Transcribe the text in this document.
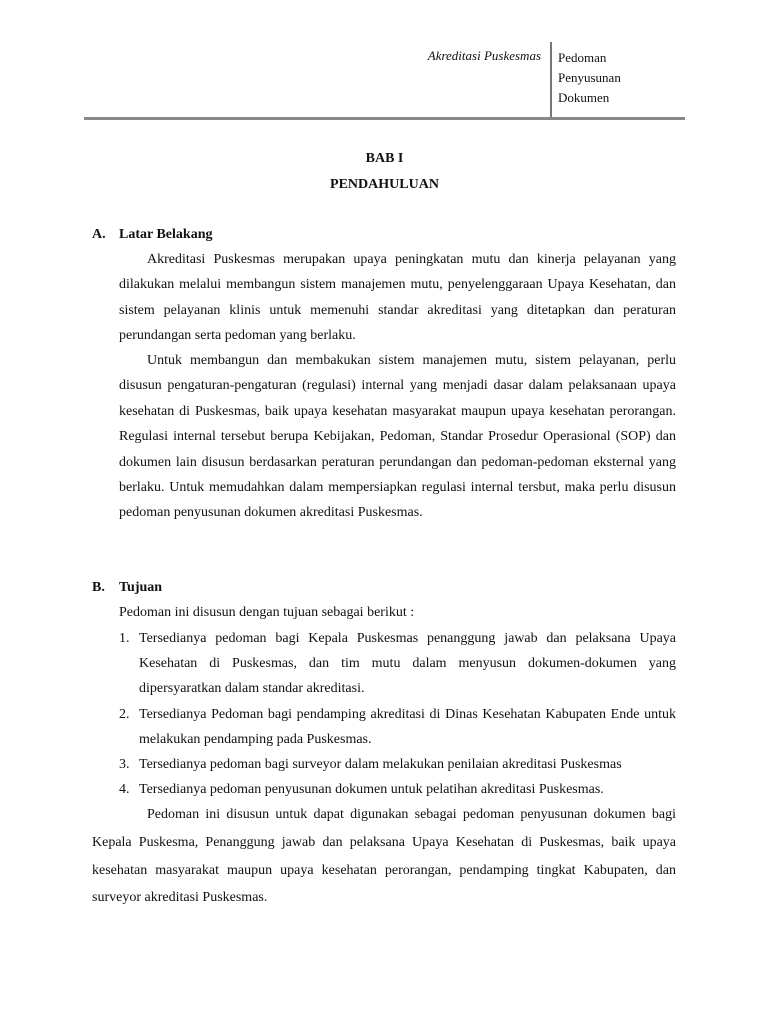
Akreditasi Puskesmas Pedoman
Penyusunan
Dokumen
BAB I
PENDAHULUAN
A. Latar Belakang

Akreditasi Puskesmas merupakan upaya peningkatan mutu dan kinerja pelayanan yang dilakukan melalui membangun sistem manajemen mutu, penyelenggaraan Upaya Kesehatan, dan sistem pelayanan klinis untuk memenuhi standar akreditasi yang ditetapkan dan peraturan perundangan serta pedoman yang berlaku.

Untuk membangun dan membakukan sistem manajemen mutu, sistem pelayanan, perlu disusun pengaturan-pengaturan (regulasi) internal yang menjadi dasar dalam pelaksanaan upaya kesehatan di Puskesmas, baik upaya kesehatan masyarakat maupun upaya kesehatan perorangan. Regulasi internal tersebut berupa Kebijakan, Pedoman, Standar Prosedur Operasional (SOP) dan dokumen lain disusun berdasarkan peraturan perundangan dan pedoman-pedoman eksternal yang berlaku. Untuk memudahkan dalam mempersiapkan regulasi internal tersbut, maka perlu disusun pedoman penyusunan dokumen akreditasi Puskesmas.

B. Tujuan

Pedoman ini disusun dengan tujuan sebagai berikut :

1. Tersedianya pedoman bagi Kepala Puskesmas penanggung jawab dan pelaksana Upaya Kesehatan di Puskesmas, dan tim mutu dalam menyusun dokumen-dokumen yang dipersyaratkan dalam standar akreditasi.
2. Tersedianya Pedoman bagi pendamping akreditasi di Dinas Kesehatan Kabupaten Ende untuk melakukan pendamping pada Puskesmas.
3. Tersedianya pedoman bagi surveyor dalam melakukan penilaian akreditasi Puskesmas
4. Tersedianya pedoman penyusunan dokumen untuk pelatihan akreditasi Puskesmas.

Pedoman ini disusun untuk dapat digunakan sebagai pedoman penyusunan dokumen bagi Kepala Puskesma, Penanggung jawab dan pelaksana Upaya Kesehatan di Puskesmas, baik upaya kesehatan masyarakat maupun upaya kesehatan perorangan, pendamping tingkat Kabupaten, dan surveyor akreditasi Puskesmas.
